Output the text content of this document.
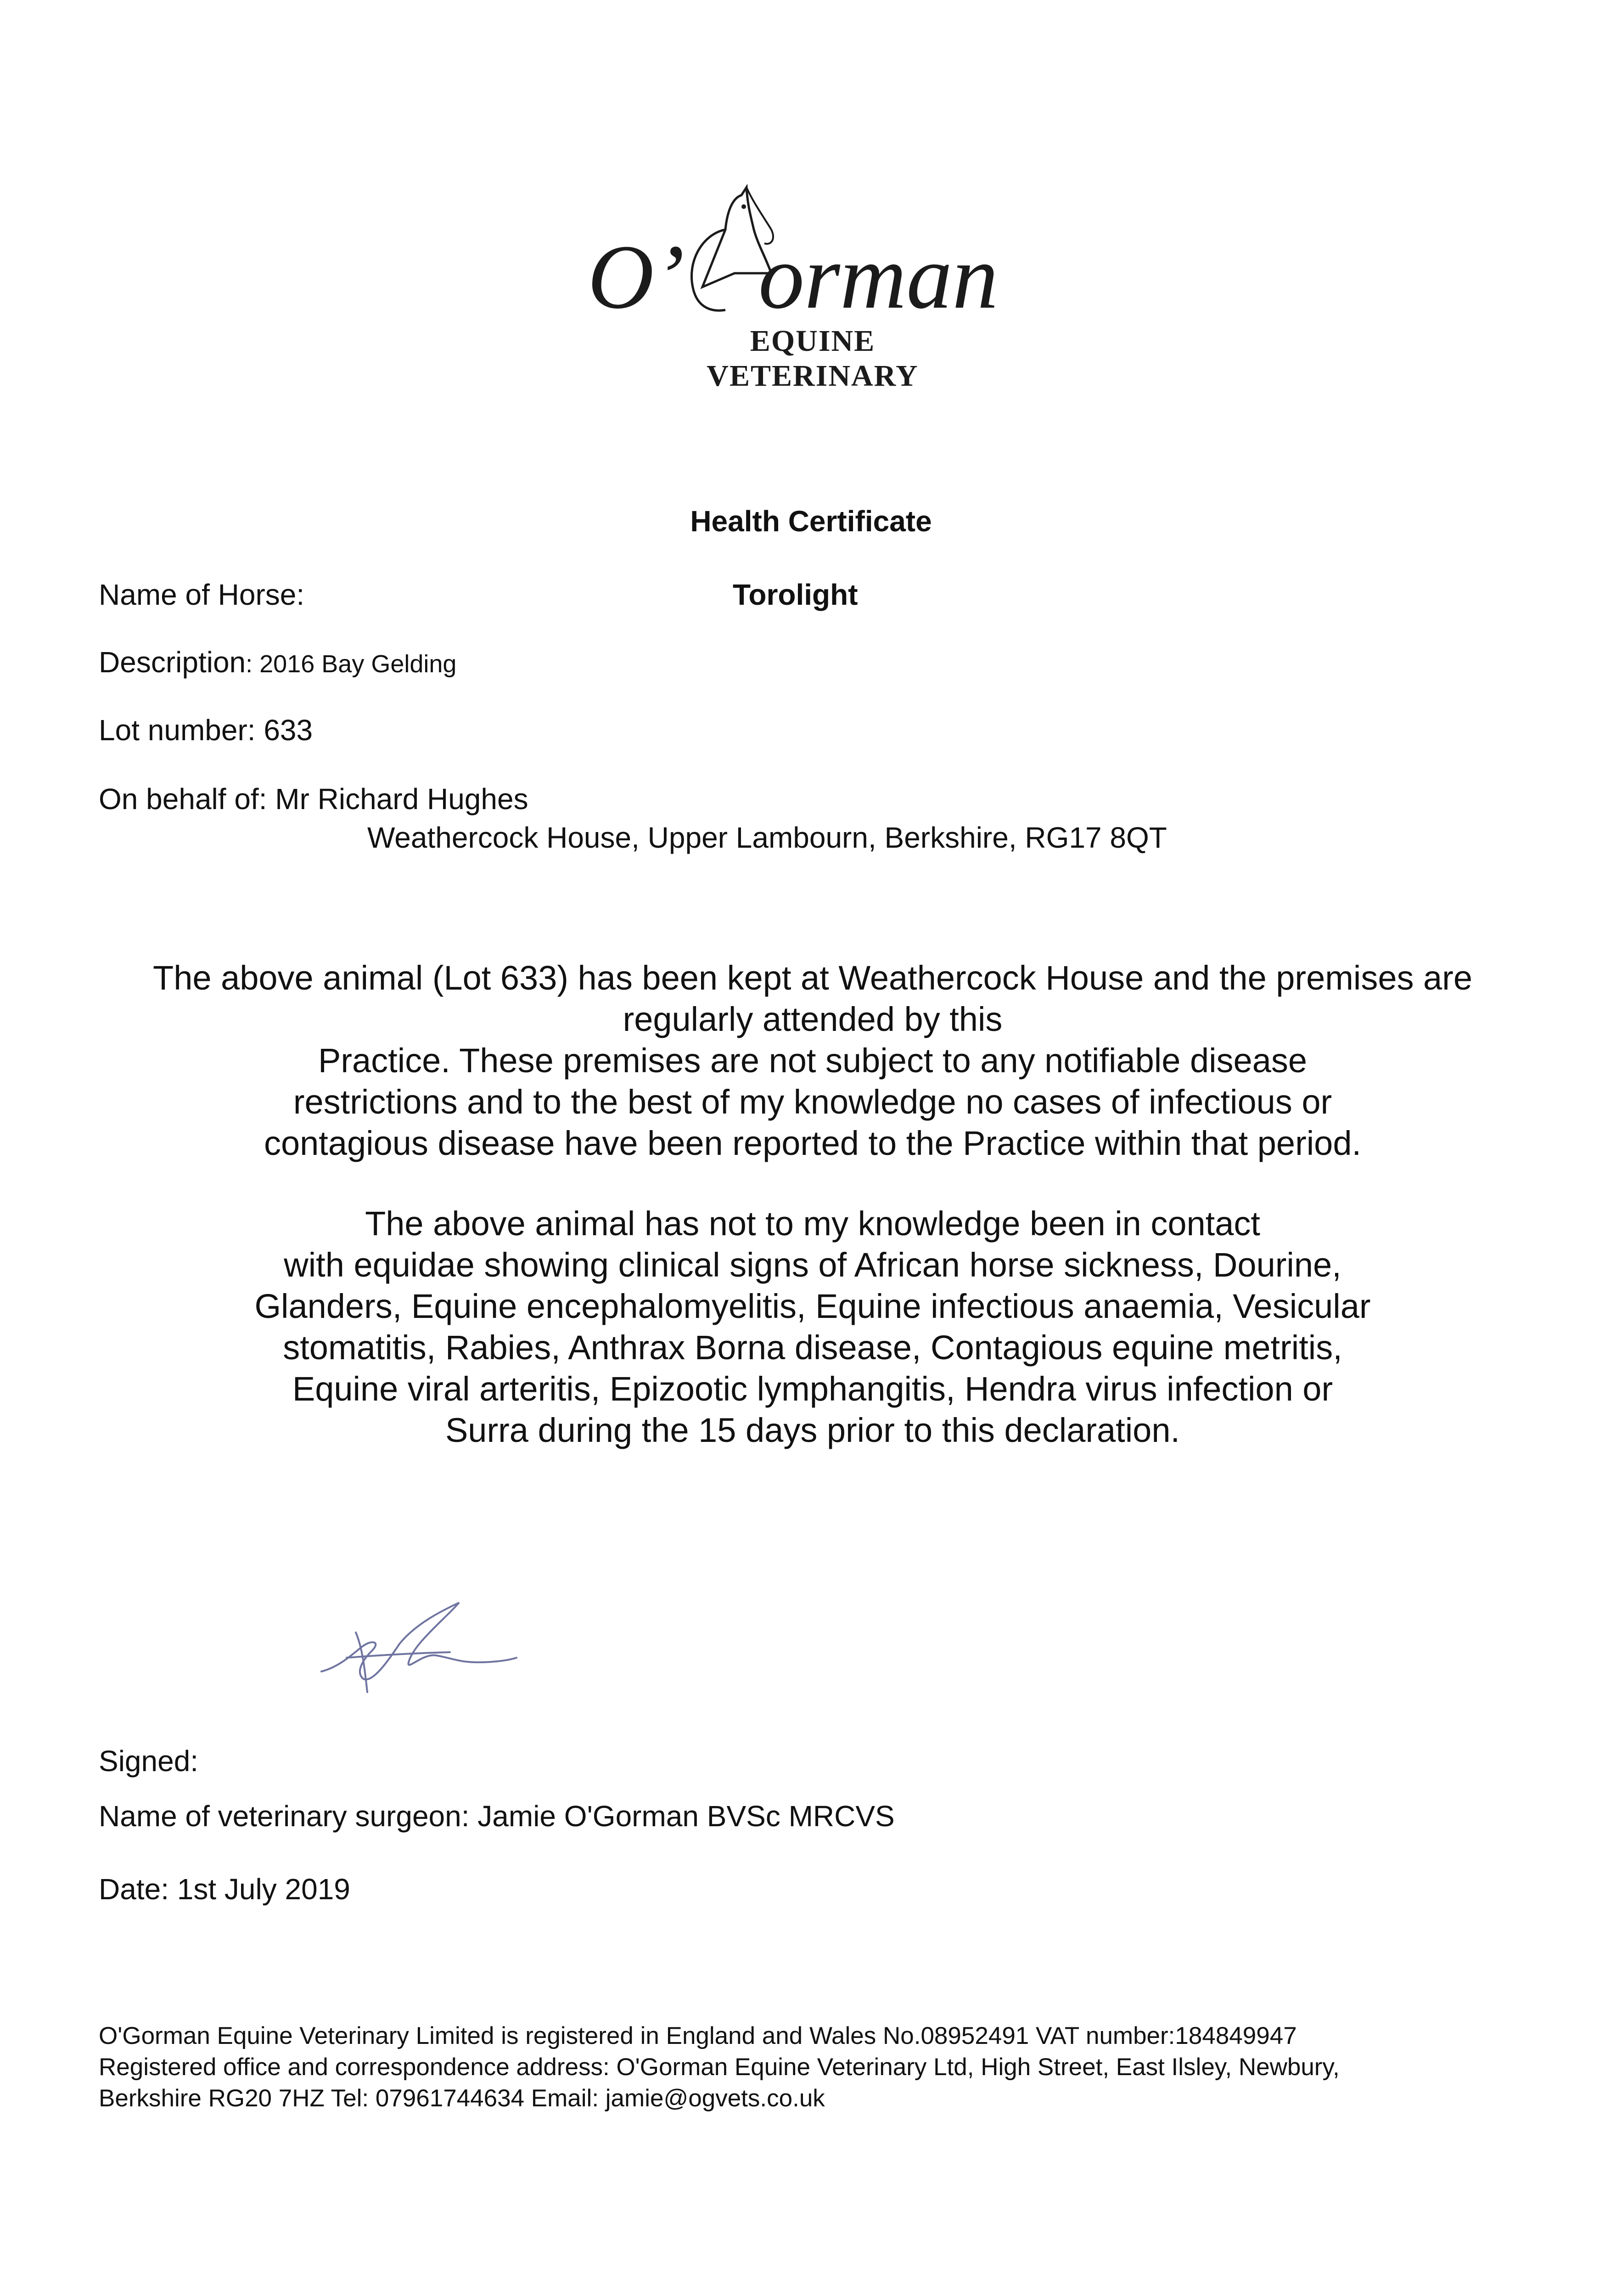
O’ orman
EQUINE VETERINARY
Health Certificate
Name of Horse:	Torolight
Description: 2016 Bay Gelding
Lot number: 633
On behalf of: Mr Richard Hughes
Weathercock House, Upper Lambourn, Berkshire, RG17 8QT

The above animal (Lot 633) has been kept at Weathercock House and the premises are

regularly attended by this

Practice. These premises are not subject to any notifiable disease

restrictions and to the best of my knowledge no cases of infectious or

contagious disease have been reported to the Practice within that period.

The above animal has not to my knowledge been in contact

with equidae showing clinical signs of African horse sickness, Dourine,

Glanders, Equine encephalomyelitis, Equine infectious anaemia, Vesicular

stomatitis, Rabies, Anthrax Borna disease, Contagious equine metritis,

Equine viral arteritis, Epizootic lymphangitis, Hendra virus infection or

Surra during the 15 days prior to this declaration.

Signed:
Name of veterinary surgeon: Jamie O'Gorman BVSc MRCVS
Date: 1st July 2019
O'Gorman Equine Veterinary Limited is registered in England and Wales No.08952491 VAT number:184849947
Registered office and correspondence address: O'Gorman Equine Veterinary Ltd, High Street, East Ilsley, Newbury,
Berkshire RG20 7HZ Tel: 07961744634 Email: jamie@ogvets.co.uk
